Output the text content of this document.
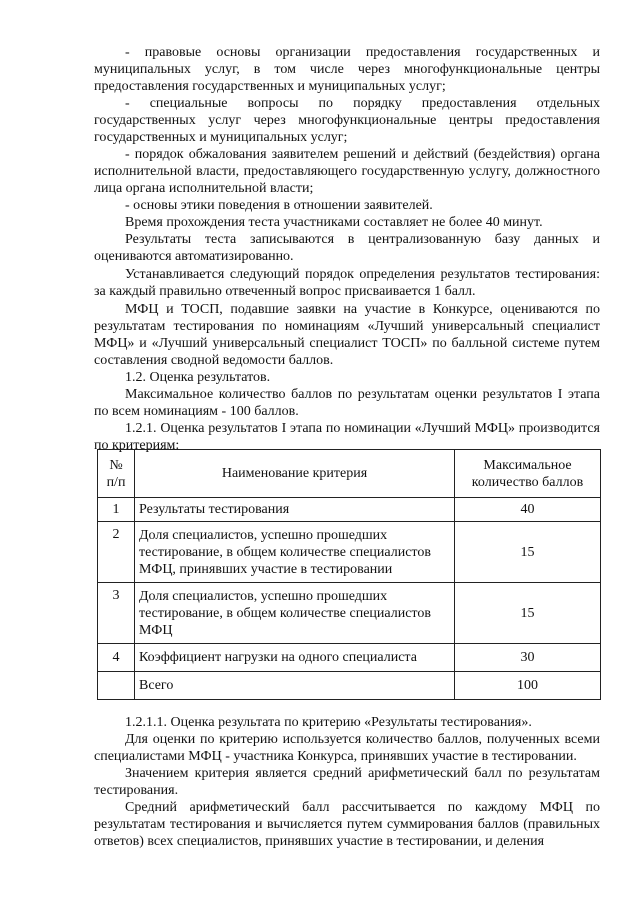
- правовые основы организации предоставления государственных и муниципальных услуг, в том числе через многофункциональные центры предоставления государственных и муниципальных услуг;

- специальные вопросы по порядку предоставления отдельных государственных услуг через многофункциональные центры предоставления государственных и муниципальных услуг;

- порядок обжалования заявителем решений и действий (бездействия) органа исполнительной власти, предоставляющего государственную услугу, должностного лица органа исполнительной власти;

- основы этики поведения в отношении заявителей.

Время прохождения теста участниками составляет не более 40 минут.

Результаты теста записываются в централизованную базу данных и оцениваются автоматизированно.

Устанавливается следующий порядок определения результатов тестирования: за каждый правильно отвеченный вопрос присваивается 1 балл.

МФЦ и ТОСП, подавшие заявки на участие в Конкурсе, оцениваются по результатам тестирования по номинациям «Лучший универсальный специалист МФЦ» и «Лучший универсальный специалист ТОСП» по балльной системе путем составления сводной ведомости баллов.

1.2. Оценка результатов.

Максимальное количество баллов по результатам оценки результатов I этапа по всем номинациям - 100 баллов.

1.2.1. Оценка результатов I этапа по номинации «Лучший МФЦ» производится по критериям:

№ п/п	Наименование критерия	Максимальное количество баллов
1	Результаты тестирования	40
2	Доля специалистов, успешно прошедших тестирование, в общем количестве специалистов МФЦ, принявших участие в тестировании	15
3	Доля специалистов, успешно прошедших тестирование, в общем количестве специалистов МФЦ	15
4	Коэффициент нагрузки на одного специалиста	30
	Всего	100

1.2.1.1. Оценка результата по критерию «Результаты тестирования».

Для оценки по критерию используется количество баллов, полученных всеми специалистами МФЦ - участника Конкурса, принявших участие в тестировании.

Значением критерия является средний арифметический балл по результатам тестирования.

Средний арифметический балл рассчитывается по каждому МФЦ по результатам тестирования и вычисляется путем суммирования баллов (правильных ответов) всех специалистов, принявших участие в тестировании, и деления
